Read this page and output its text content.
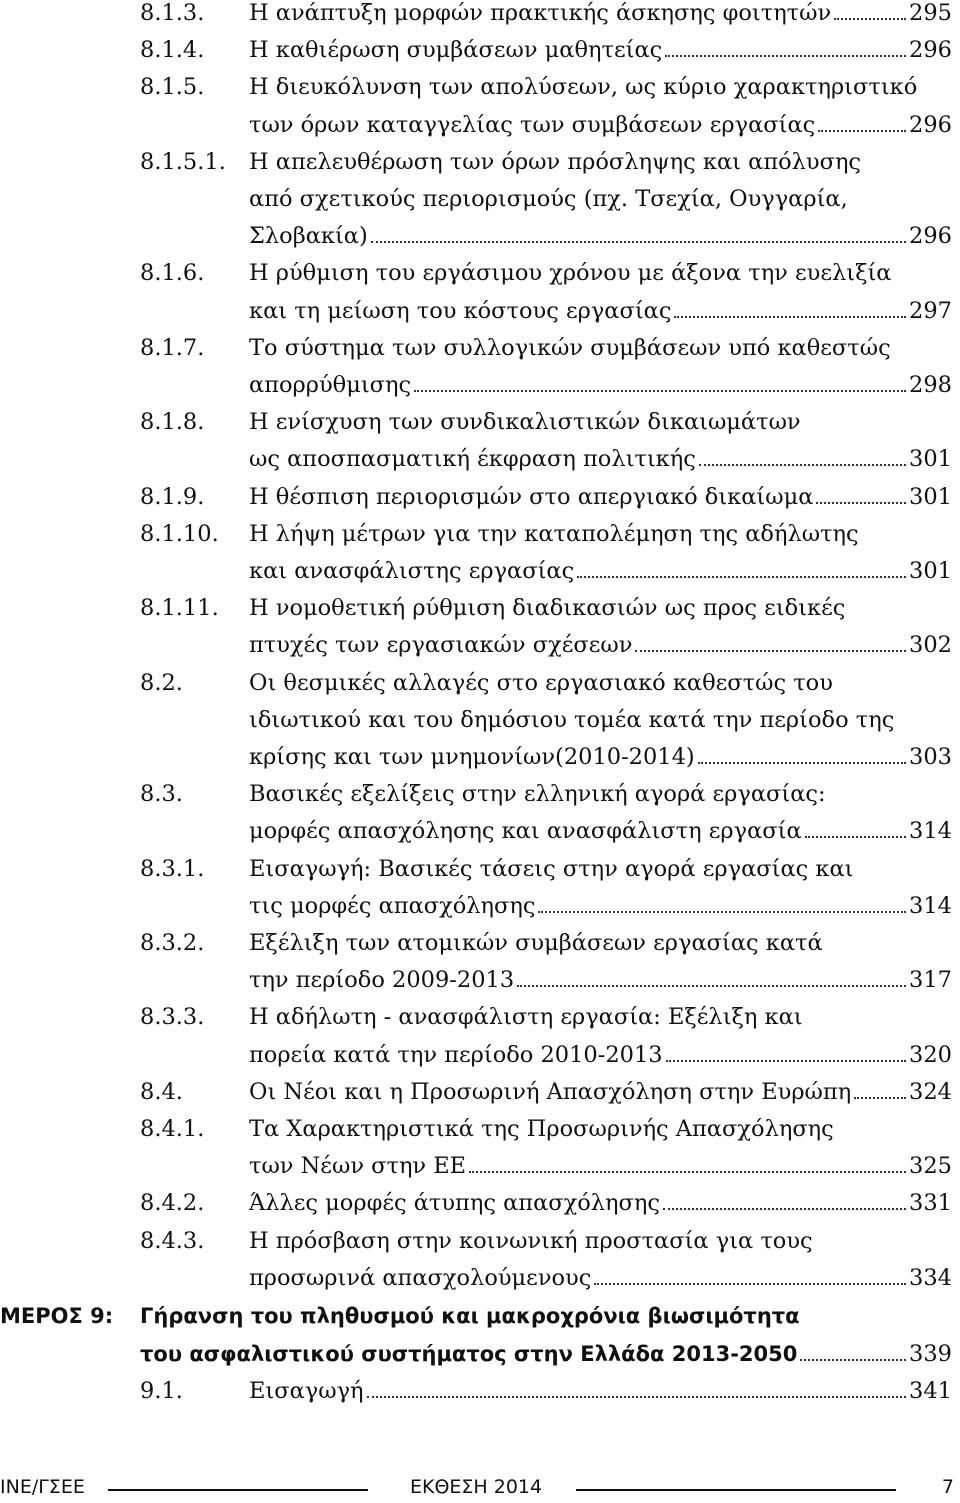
8.1.3. Η ανάπτυξη μορφών πρακτικής άσκησης φοιτητών	295
8.1.4. Η καθιέρωση συμβάσεων μαθητείας	296
8.1.5. Η διευκόλυνση των απολύσεων, ως κύριο χαρακτηριστικό
των όρων καταγγελίας των συμβάσεων εργασίας	296
8.1.5.1. Η απελευθέρωση των όρων πρόσληψης και απόλυσης
από σχετικούς περιορισμούς (πχ. Τσεχία, Ουγγαρία,
Σλοβακία)	296
8.1.6. Η ρύθμιση του εργάσιμου χρόνου με άξονα την ευελιξία
και τη μείωση του κόστους εργασίας	297
8.1.7. Το σύστημα των συλλογικών συμβάσεων υπό καθεστώς
απορρύθμισης	298
8.1.8. Η ενίσχυση των συνδικαλιστικών δικαιωμάτων
ως αποσπασματική έκφραση πολιτικής	301
8.1.9. Η θέσπιση περιορισμών στο απεργιακό δικαίωμα	301
8.1.10. Η λήψη μέτρων για την καταπολέμηση της αδήλωτης
και ανασφάλιστης εργασίας	301
8.1.11. Η νομοθετική ρύθμιση διαδικασιών ως προς ειδικές
πτυχές των εργασιακών σχέσεων	302
8.2.	Οι θεσμικές αλλαγές στο εργασιακό καθεστώς του
ιδιωτικού και του δημόσιου τομέα κατά την περίοδο της
κρίσης και των μνημονίων(2010-2014)	303
8.3.	Βασικές εξελίξεις στην ελληνική αγορά εργασίας:
μορφές απασχόλησης και ανασφάλιστη εργασία	314
8.3.1. Εισαγωγή: Βασικές τάσεις στην αγορά εργασίας και
τις μορφές απασχόλησης	314
8.3.2. Εξέλιξη των ατομικών συμβάσεων εργασίας κατά
την περίοδο 2009-2013	317
8.3.3. Η αδήλωτη - ανασφάλιστη εργασία: Εξέλιξη και
πορεία κατά την περίοδο 2010-2013	320
8.4.	Οι Νέοι και η Προσωρινή Απασχόληση στην Ευρώπη	324
8.4.1. Τα Χαρακτηριστικά της Προσωρινής Απασχόλησης
των Νέων στην ΕΕ	325
8.4.2. Άλλες μορφές άτυπης απασχόλησης	331
8.4.3. Η πρόσβαση στην κοινωνική προστασία για τους
προσωρινά απασχολούμενους	334
ΜΕΡΟΣ 9: Γήρανση του πληθυσμού και μακροχρόνια βιωσιμότητα
του ασφαλιστικού συστήματος στην Ελλάδα 2013-2050	339
9.1.	Εισαγωγή	341
ΙΝΕ/ΓΣΕΕ	ΕΚΘΕΣΗ 2014	7
